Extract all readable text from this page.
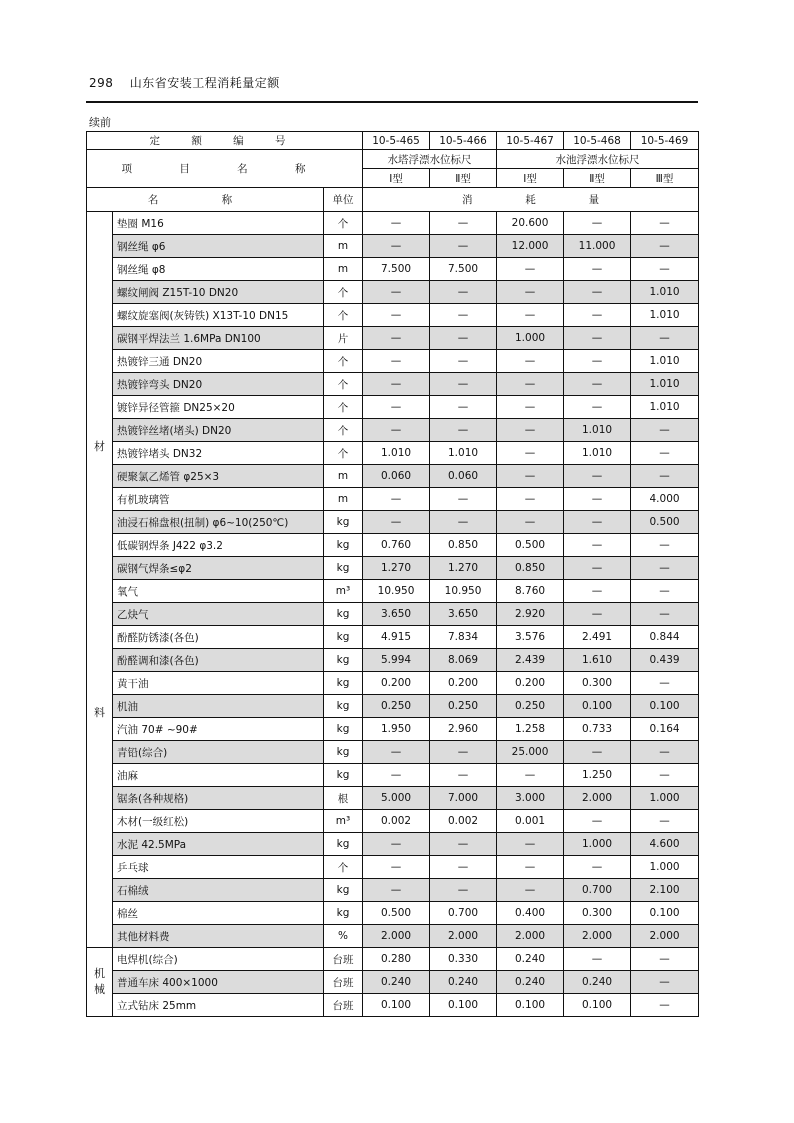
298 山东省安装工程消耗量定额
续前
定 额 编 号			10-5-465	10-5-466	10-5-467	10-5-468	10-5-469
项 目 名 称			水塔浮漂水位标尺		水池浮漂水位标尺		
			Ⅰ型	Ⅱ型	Ⅰ型	Ⅱ型	Ⅲ型
名 称		单位	消 耗 量				

材
料	垫圈 M16	个	—	—	20.600	—	—
	钢丝绳 φ6	m	—	—	12.000	11.000	—
	钢丝绳 φ8	m	7.500	7.500	—	—	—
	螺纹闸阀 Z15T-10 DN20	个	—	—	—	—	1.010
	螺纹旋塞阀(灰铸铁) X13T-10 DN15	个	—	—	—	—	1.010
	碳钢平焊法兰 1.6MPa DN100	片	—	—	1.000	—	—
	热镀锌三通 DN20	个	—	—	—	—	1.010
	热镀锌弯头 DN20	个	—	—	—	—	1.010
	镀锌异径管箍 DN25×20	个	—	—	—	—	1.010
	热镀锌丝堵(堵头) DN20	个	—	—	—	1.010	—
	热镀锌堵头 DN32	个	1.010	1.010	—	1.010	—
	硬聚氯乙烯管 φ25×3	m	0.060	0.060	—	—	—
	有机玻璃管	m	—	—	—	—	4.000
	油浸石棉盘根(扭制) φ6~10(250℃)	kg	—	—	—	—	0.500
	低碳钢焊条 J422 φ3.2	kg	0.760	0.850	0.500	—	—
	碳钢气焊条≤φ2	kg	1.270	1.270	0.850	—	—
	氧气	m³	10.950	10.950	8.760	—	—
	乙炔气	kg	3.650	3.650	2.920	—	—
	酚醛防锈漆(各色)	kg	4.915	7.834	3.576	2.491	0.844
	酚醛调和漆(各色)	kg	5.994	8.069	2.439	1.610	0.439
	黄干油	kg	0.200	0.200	0.200	0.300	—
	机油	kg	0.250	0.250	0.250	0.100	0.100
	汽油 70# ~90#	kg	1.950	2.960	1.258	0.733	0.164
	青铅(综合)	kg	—	—	25.000	—	—
	油麻	kg	—	—	—	1.250	—
	锯条(各种规格)	根	5.000	7.000	3.000	2.000	1.000
	木材(一级红松)	m³	0.002	0.002	0.001	—	—
	水泥 42.5MPa	kg	—	—	—	1.000	4.600
	乒乓球	个	—	—	—	—	1.000
	石棉绒	kg	—	—	—	0.700	2.100
	棉丝	kg	0.500	0.700	0.400	0.300	0.100
	其他材料费	%	2.000	2.000	2.000	2.000	2.000

机
械	电焊机(综合)	台班	0.280	0.330	0.240	—	—
	普通车床 400×1000	台班	0.240	0.240	0.240	0.240	—
	立式钻床 25mm	台班	0.100	0.100	0.100	0.100	—
